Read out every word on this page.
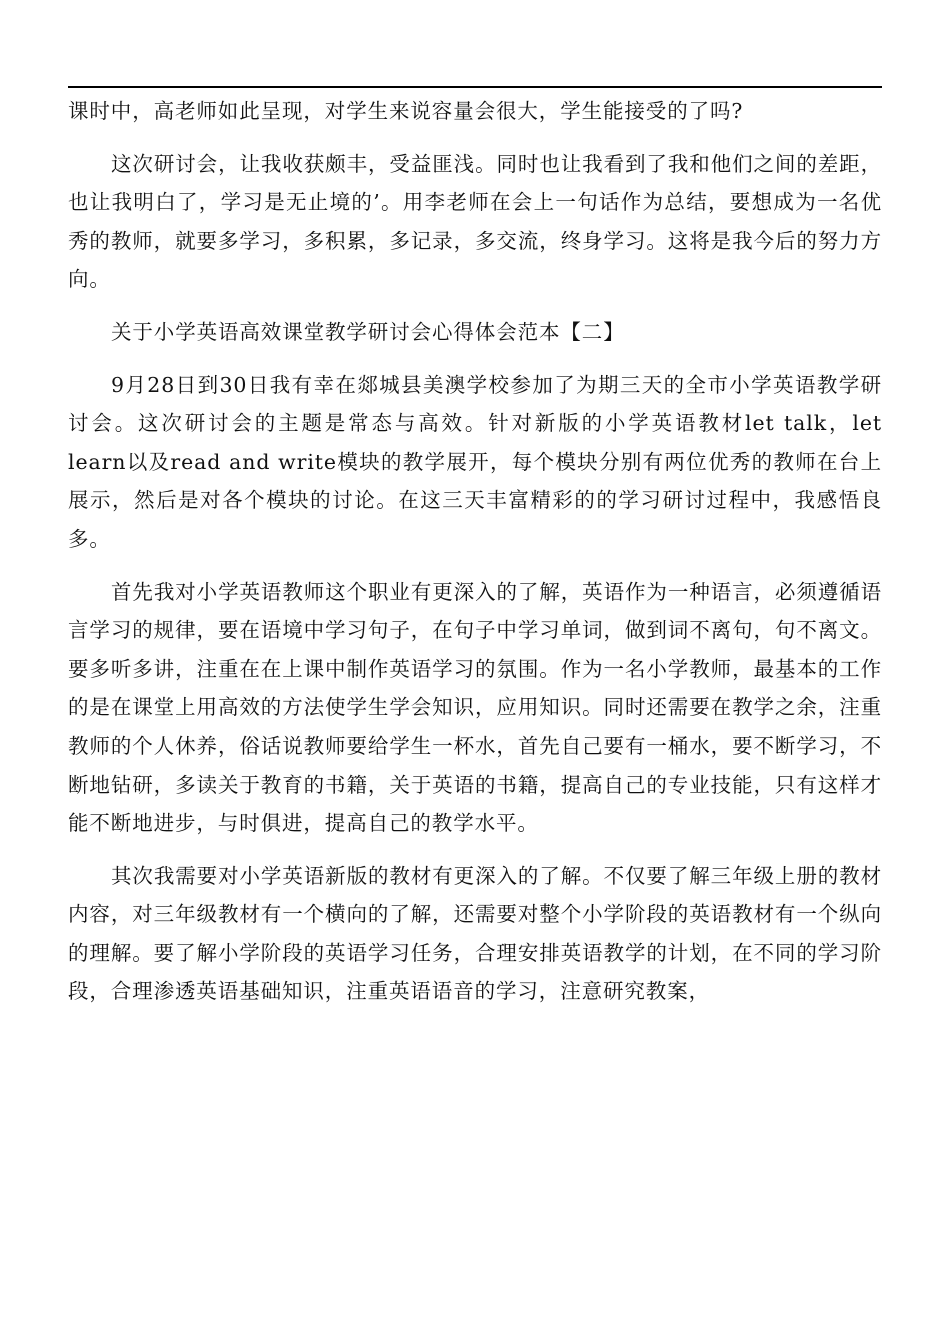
课时中，高老师如此呈现，对学生来说容量会很大，学生能接受的了吗?

这次研讨会，让我收获颇丰，受益匪浅。同时也让我看到了我和他们之间的差距，也让我明白了，学习是无止境的’。用李老师在会上一句话作为总结，要想成为一名优秀的教师，就要多学习，多积累，多记录，多交流，终身学习。这将是我今后的努力方向。

关于小学英语高效课堂教学研讨会心得体会范本【二】

9月28日到30日我有幸在郯城县美澳学校参加了为期三天的全市小学英语教学研讨会。这次研讨会的主题是常态与高效。针对新版的小学英语教材let talk，let learn以及read and write模块的教学展开，每个模块分别有两位优秀的教师在台上展示，然后是对各个模块的讨论。在这三天丰富精彩的的学习研讨过程中，我感悟良多。

首先我对小学英语教师这个职业有更深入的了解，英语作为一种语言，必须遵循语言学习的规律，要在语境中学习句子，在句子中学习单词，做到词不离句，句不离文。要多听多讲，注重在在上课中制作英语学习的氛围。作为一名小学教师，最基本的工作的是在课堂上用高效的方法使学生学会知识，应用知识。同时还需要在教学之余，注重教师的个人休养，俗话说教师要给学生一杯水，首先自己要有一桶水，要不断学习，不断地钻研，多读关于教育的书籍，关于英语的书籍，提高自己的专业技能，只有这样才能不断地进步，与时俱进，提高自己的教学水平。

其次我需要对小学英语新版的教材有更深入的了解。不仅要了解三年级上册的教材内容，对三年级教材有一个横向的了解，还需要对整个小学阶段的英语教材有一个纵向的理解。要了解小学阶段的英语学习任务，合理安排英语教学的计划，在不同的学习阶段，合理渗透英语基础知识，注重英语语音的学习，注意研究教案，
